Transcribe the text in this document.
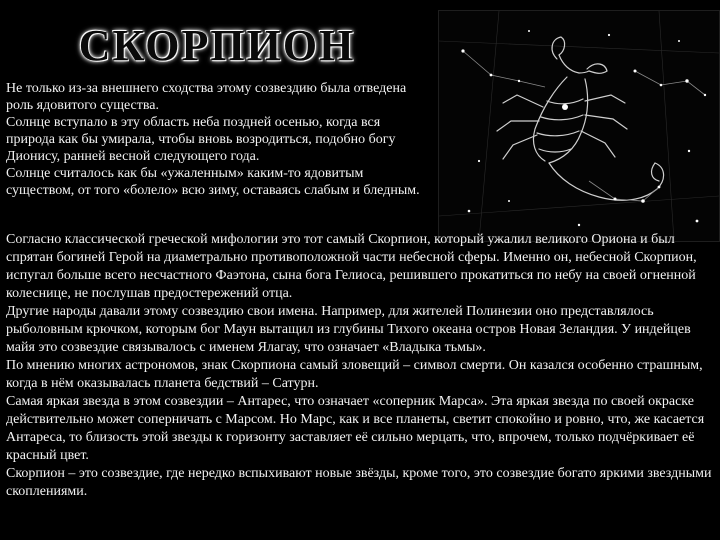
СКОРПИОН

Не только из-за внешнего сходства этому созвездию была отведена роль ядовитого существа.

Солнце вступало в эту область неба поздней осенью, когда вся природа как бы умирала, чтобы вновь возродиться, подобно богу Дионису, ранней весной следующего года.

Солнце считалось как бы «ужаленным» каким-то ядовитым существом, от того «болело» всю зиму, оставаясь слабым и бледным.

Согласно классической греческой мифологии это тот самый Скорпион, который ужалил великого Ориона и был спрятан богиней Герой на диаметрально противоположной части небесной сферы. Именно он, небесной Скорпион, испугал больше всего несчастного Фаэтона, сына бога Гелиоса, решившего прокатиться по небу на своей огненной колеснице, не послушав предостережений отца.

Другие народы давали этому созвездию свои имена. Например, для жителей Полинезии оно представлялось рыболовным крючком, которым бог Маун вытащил из глубины Тихого океана остров Новая Зеландия. У индейцев майя это созвездие связывалось с именем Ялагау, что означает «Владыка тьмы».

По мнению многих астрономов, знак Скорпиона самый зловещий – символ смерти. Он казался особенно страшным, когда в нём оказывалась планета бедствий – Сатурн.

Самая яркая звезда в этом созвездии – Антарес, что означает «соперник Марса». Эта яркая звезда по своей окраске действительно может соперничать с Марсом. Но Марс, как и все планеты, светит спокойно и ровно, что, же касается Антареса, то близость этой звезды к горизонту заставляет её сильно мерцать, что, впрочем, только подчёркивает её красный цвет.

Скорпион – это созвездие, где нередко вспыхивают новые звёзды, кроме того, это созвездие богато яркими звездными скоплениями.
